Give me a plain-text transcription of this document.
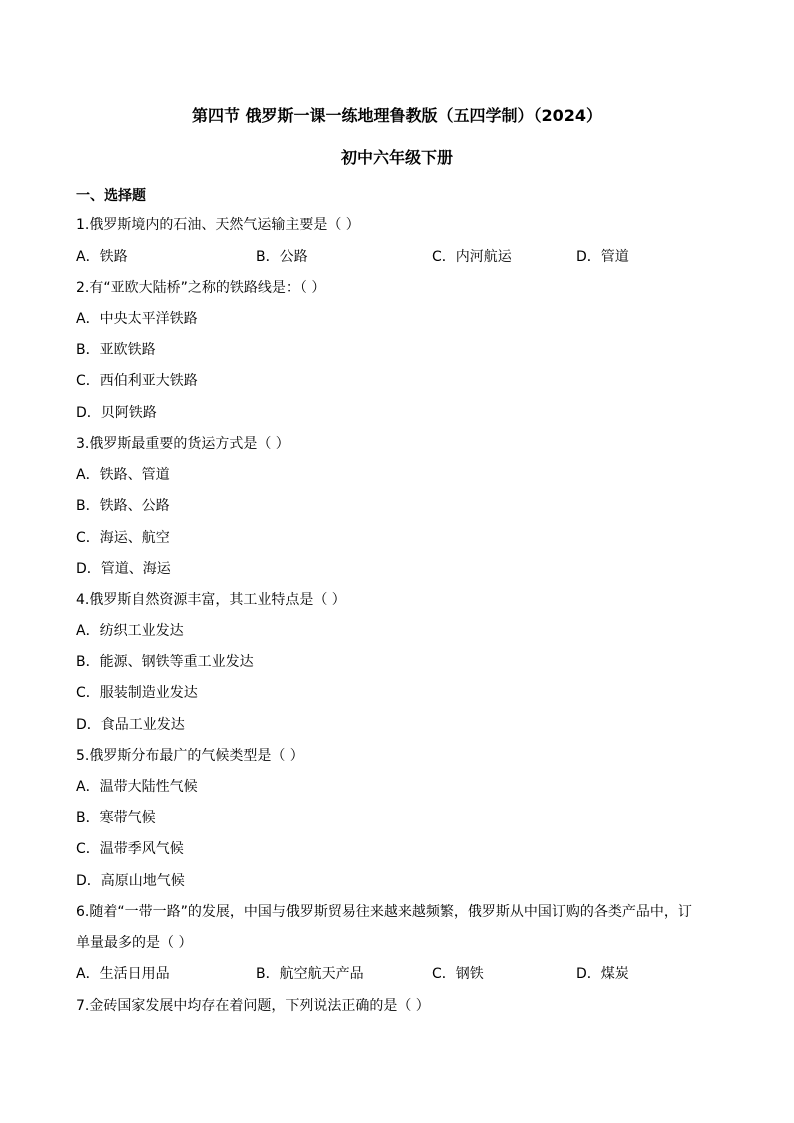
第四节 俄罗斯一课一练地理鲁教版（五四学制）（2024）
初中六年级下册
一、选择题
1.俄罗斯境内的石油、天然气运输主要是（ ）
A．铁路	B．公路	C．内河航运	D．管道
2.有“亚欧大陆桥”之称的铁路线是：（ ）
A．中央太平洋铁路
B．亚欧铁路
C．西伯利亚大铁路
D．贝阿铁路
3.俄罗斯最重要的货运方式是（ ）
A．铁路、管道
B．铁路、公路
C．海运、航空
D．管道、海运
4.俄罗斯自然资源丰富，其工业特点是（ ）
A．纺织工业发达
B．能源、钢铁等重工业发达
C．服装制造业发达
D．食品工业发达
5.俄罗斯分布最广的气候类型是（ ）
A．温带大陆性气候
B．寒带气候
C．温带季风气候
D．高原山地气候
6.随着“一带一路”的发展，中国与俄罗斯贸易往来越来越频繁，俄罗斯从中国订购的各类产品中，订
单量最多的是（ ）
A．生活日用品	B．航空航天产品	C．钢铁	D．煤炭
7.金砖国家发展中均存在着问题，下列说法正确的是（ ）
